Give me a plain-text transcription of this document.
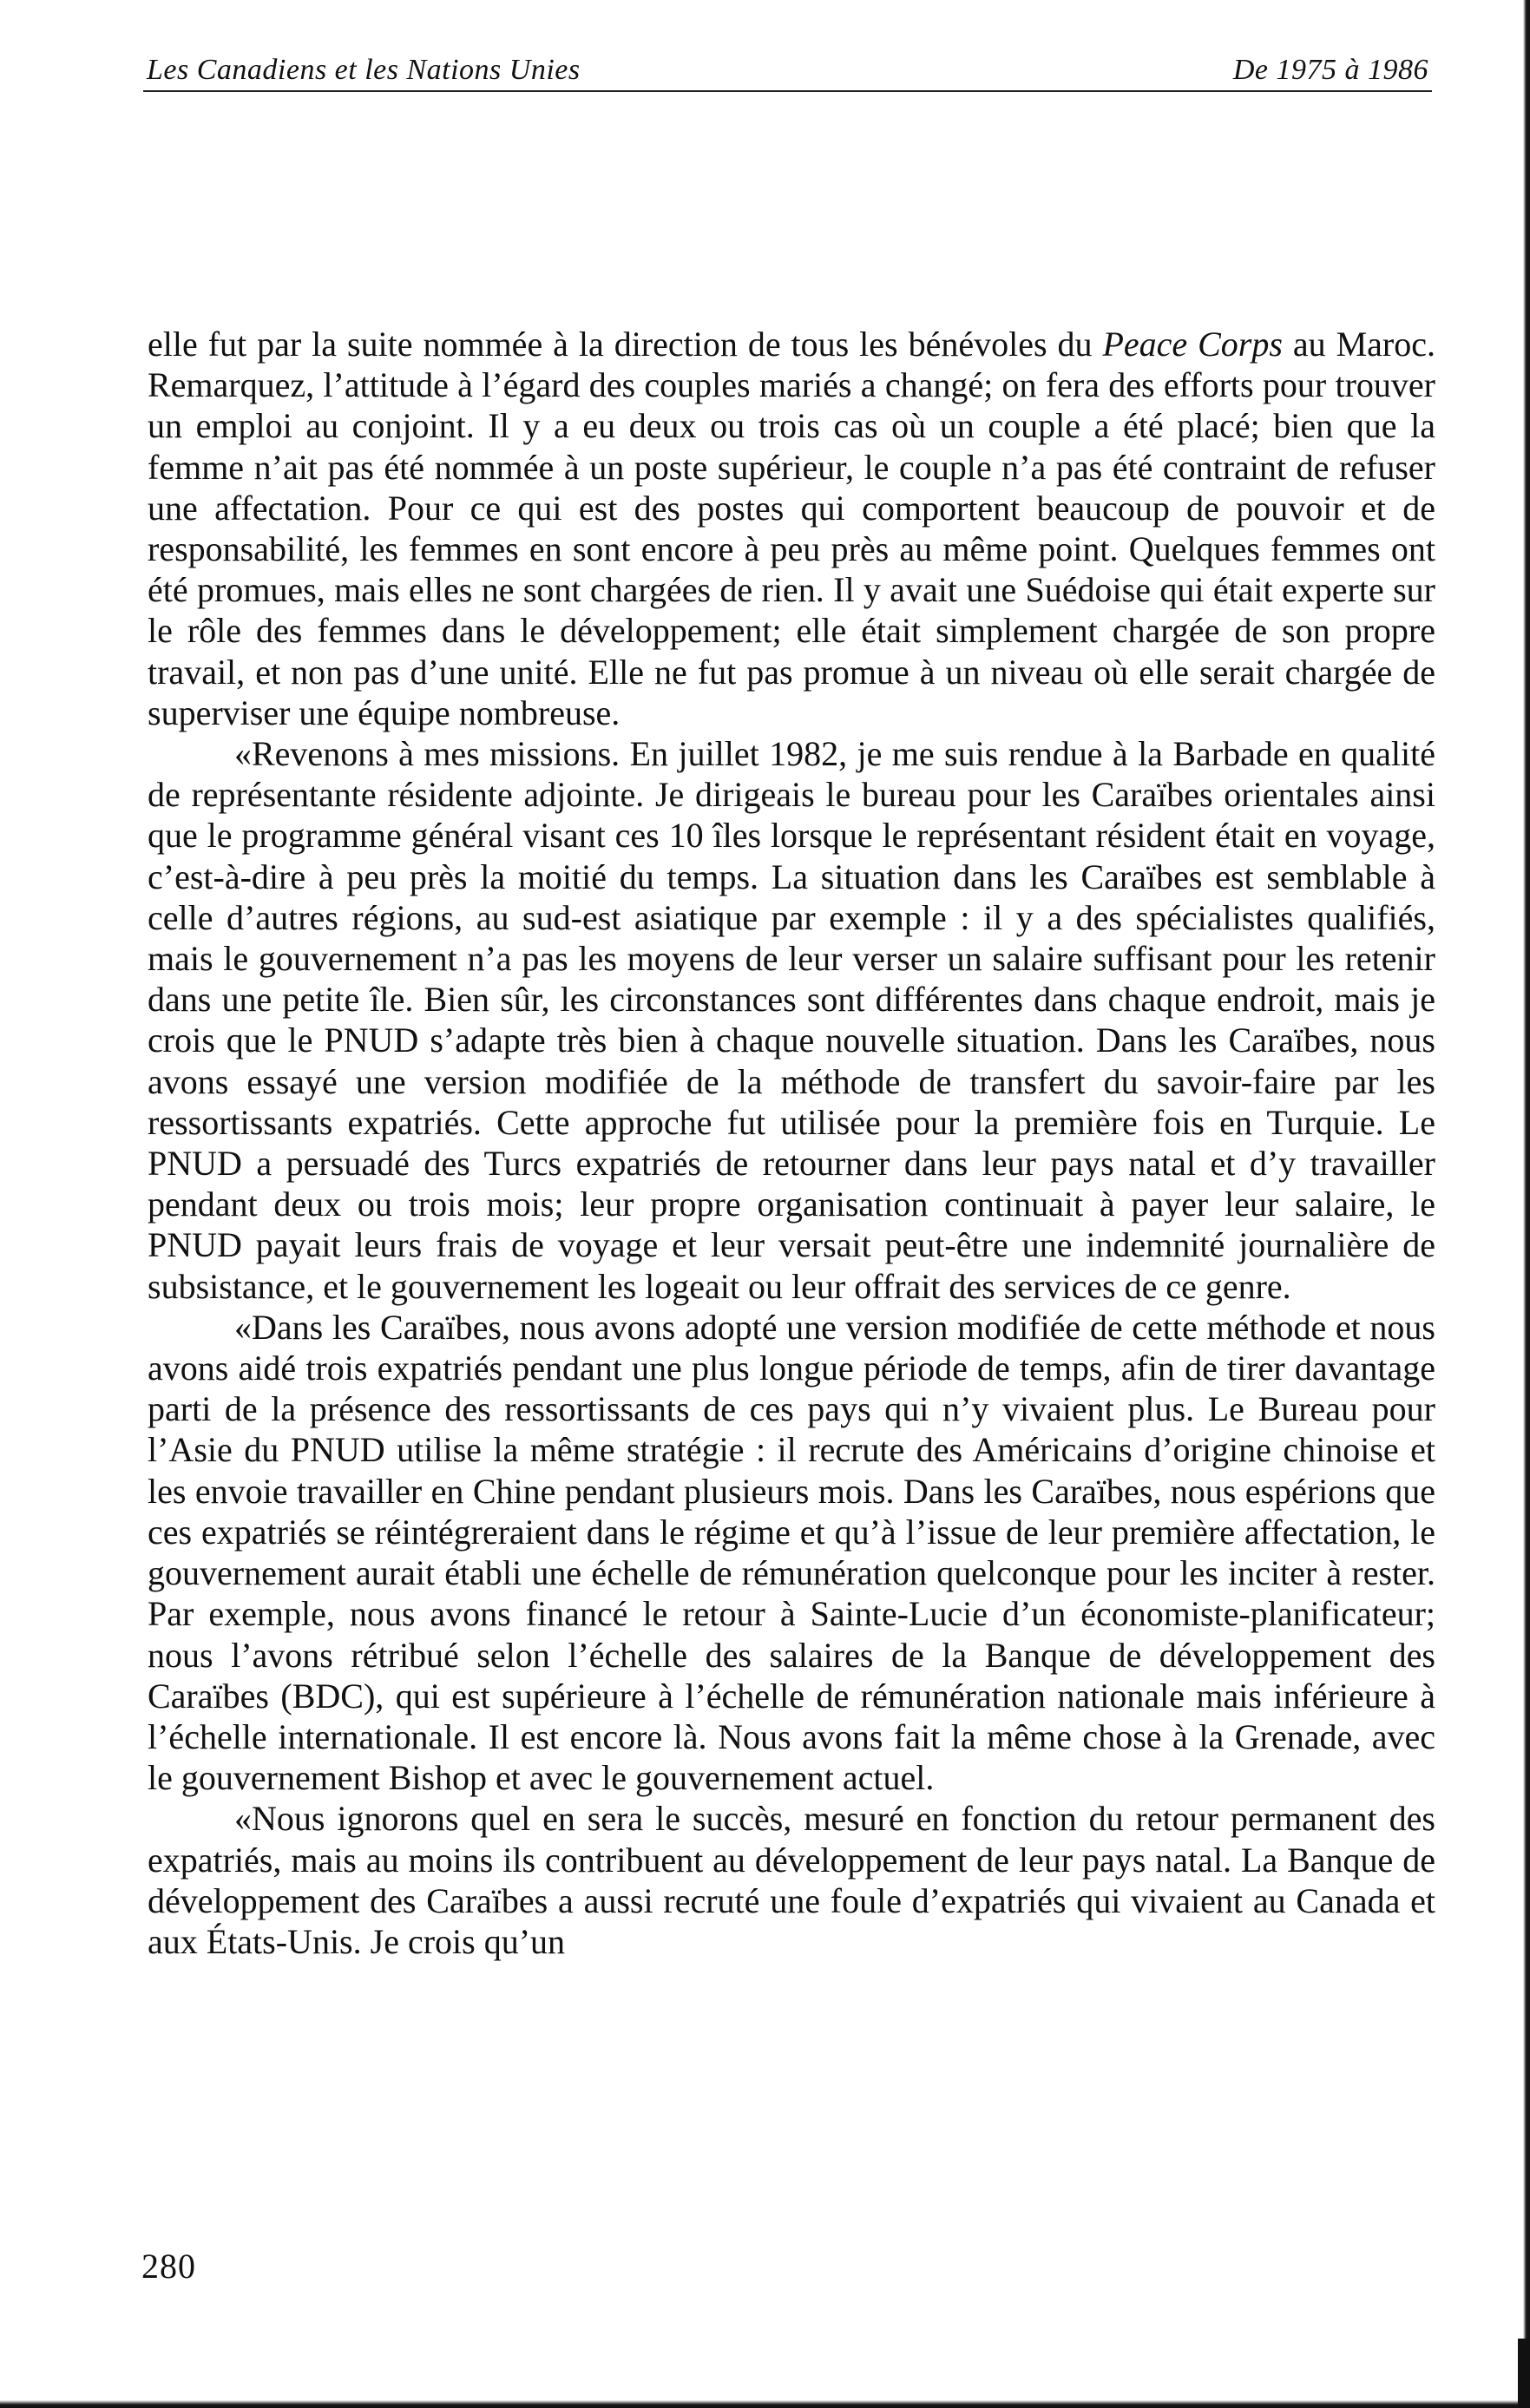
Les Canadiens et les Nations Unies	De 1975 à 1986

elle fut par la suite nommée à la direction de tous les bénévoles du Peace Corps au Maroc. Remarquez, l’attitude à l’égard des couples mariés a changé; on fera des efforts pour trouver un emploi au conjoint. Il y a eu deux ou trois cas où un couple a été placé; bien que la femme n’ait pas été nommée à un poste supérieur, le couple n’a pas été contraint de refuser une affectation. Pour ce qui est des postes qui comportent beaucoup de pouvoir et de responsabilité, les femmes en sont encore à peu près au même point. Quelques femmes ont été promues, mais elles ne sont chargées de rien. Il y avait une Suédoise qui était experte sur le rôle des femmes dans le développement; elle était simplement chargée de son propre travail, et non pas d’une unité. Elle ne fut pas promue à un niveau où elle serait chargée de superviser une équipe nombreuse.

«Revenons à mes missions. En juillet 1982, je me suis rendue à la Barbade en qualité de représentante résidente adjointe. Je dirigeais le bureau pour les Caraïbes orientales ainsi que le programme général visant ces 10 îles lorsque le représentant résident était en voyage, c’est-à-dire à peu près la moitié du temps. La situation dans les Caraïbes est semblable à celle d’autres régions, au sud-est asiatique par exemple : il y a des spécialistes qualifiés, mais le gouvernement n’a pas les moyens de leur verser un salaire suffisant pour les retenir dans une petite île. Bien sûr, les circonstances sont différentes dans chaque endroit, mais je crois que le PNUD s’adapte très bien à chaque nouvelle situation. Dans les Caraïbes, nous avons essayé une version modifiée de la méthode de transfert du savoir-faire par les ressortissants expatriés. Cette approche fut utilisée pour la première fois en Turquie. Le PNUD a persuadé des Turcs expatriés de retourner dans leur pays natal et d’y travailler pendant deux ou trois mois; leur propre organisation continuait à payer leur salaire, le PNUD payait leurs frais de voyage et leur versait peut-être une indemnité journalière de subsistance, et le gouvernement les logeait ou leur offrait des services de ce genre.

«Dans les Caraïbes, nous avons adopté une version modifiée de cette méthode et nous avons aidé trois expatriés pendant une plus longue période de temps, afin de tirer davantage parti de la présence des ressortissants de ces pays qui n’y vivaient plus. Le Bureau pour l’Asie du PNUD utilise la même stratégie : il recrute des Américains d’origine chinoise et les envoie travailler en Chine pendant plusieurs mois. Dans les Caraïbes, nous espérions que ces expatriés se réintégreraient dans le régime et qu’à l’issue de leur première affectation, le gouvernement aurait établi une échelle de rémunération quelconque pour les inciter à rester. Par exemple, nous avons financé le retour à Sainte-Lucie d’un économiste-planificateur; nous l’avons rétribué selon l’échelle des salaires de la Banque de développement des Caraïbes (BDC), qui est supérieure à l’échelle de rémunération nationale mais inférieure à l’échelle internationale. Il est encore là. Nous avons fait la même chose à la Grenade, avec le gouvernement Bishop et avec le gouvernement actuel.

«Nous ignorons quel en sera le succès, mesuré en fonction du retour permanent des expatriés, mais au moins ils contribuent au développement de leur pays natal. La Banque de développement des Caraïbes a aussi recruté une foule d’expatriés qui vivaient au Canada et aux États-Unis. Je crois qu’un

280
